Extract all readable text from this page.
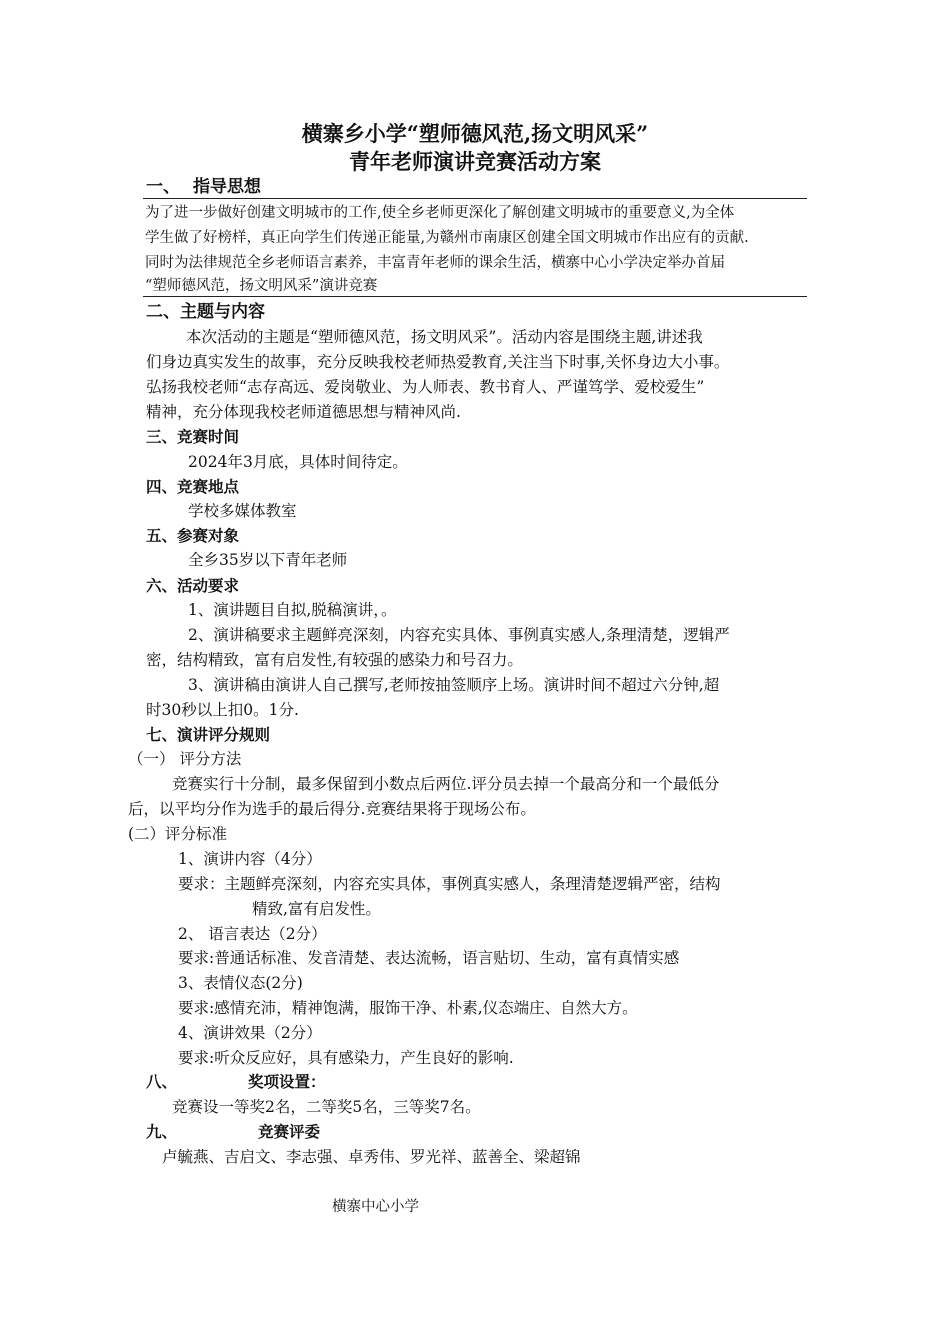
横寨乡小学“塑师德风范,扬文明风采”
青年老师演讲竞赛活动方案
一、 指导思想
为了进一步做好创建文明城市的工作,使全乡老师更深化了解创建文明城市的重要意义,为全体
学生做了好榜样，真正向学生们传递正能量,为赣州市南康区创建全国文明城市作出应有的贡献.
同时为法律规范全乡老师语言素养，丰富青年老师的课余生活，横寨中心小学决定举办首届
“塑师德风范，扬文明风采”演讲竞赛
二、主题与内容
本次活动的主题是“塑师德风范，扬文明风采”。活动内容是围绕主题,讲述我
们身边真实发生的故事，充分反映我校老师热爱教育,关注当下时事,关怀身边大小事。
弘扬我校老师“志存高远、爱岗敬业、为人师表、教书育人、严谨笃学、爱校爱生”
精神，充分体现我校老师道德思想与精神风尚.
三、竞赛时间
2024年3月底，具体时间待定。
四、竞赛地点
学校多媒体教室
五、参赛对象
全乡35岁以下青年老师
六、活动要求
1、演讲题目自拟,脱稿演讲，。
2、演讲稿要求主题鲜亮深刻，内容充实具体、事例真实感人,条理清楚，逻辑严
密，结构精致，富有启发性,有较强的感染力和号召力。
3、演讲稿由演讲人自己撰写,老师按抽签顺序上场。演讲时间不超过六分钟,超
时30秒以上扣0。1分.
七、演讲评分规则
（一） 评分方法
竞赛实行十分制，最多保留到小数点后两位.评分员去掉一个最高分和一个最低分
后，以平均分作为选手的最后得分.竞赛结果将于现场公布。
(二）评分标准
1、演讲内容（4分）
要求：主题鲜亮深刻，内容充实具体，事例真实感人，条理清楚逻辑严密，结构
精致,富有启发性。
2、 语言表达（2分）
要求:普通话标准、发音清楚、表达流畅，语言贴切、生动，富有真情实感
3、表情仪态(2分)
要求:感情充沛，精神饱满，服饰干净、朴素,仪态端庄、自然大方。
4、演讲效果（2分）
要求:听众反应好，具有感染力，产生良好的影响.
八、	奖项设置：
竞赛设一等奖2名，二等奖5名，三等奖7名。
九、	竞赛评委
卢毓燕、吉启文、李志强、卓秀伟、罗光祥、蓝善全、梁超锦
横寨中心小学
